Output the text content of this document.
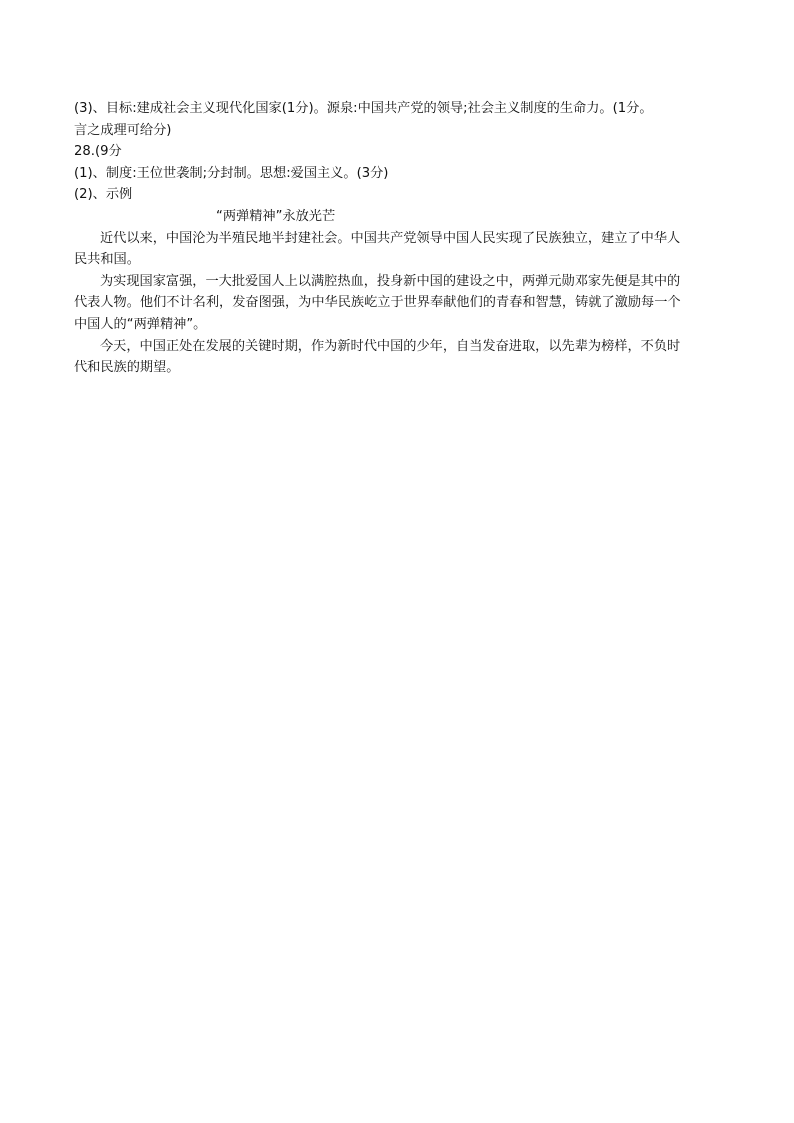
(3)、目标:建成社会主义现代化国家(1分)。源泉:中国共产党的领导;社会主义制度的生命力。(1分。

言之成理可给分)

28.(9分

(1)、制度:王位世袭制;分封制。思想:爱国主义。(3分)

(2)、示例

“两弹精神”永放光芒

近代以来，中国沦为半殖民地半封建社会。中国共产党领导中国人民实现了民族独立，建立了中华人

民共和国。

为实现国家富强，一大批爱国人上以满腔热血，投身新中国的建设之中，两弹元勋邓家先便是其中的

代表人物。他们不计名利，发奋图强，为中华民族屹立于世界奉献他们的青春和智慧，铸就了激励每一个

中国人的“两弹精神”。

今天，中国正处在发展的关键时期，作为新时代中国的少年，自当发奋进取，以先辈为榜样，不负时

代和民族的期望。
